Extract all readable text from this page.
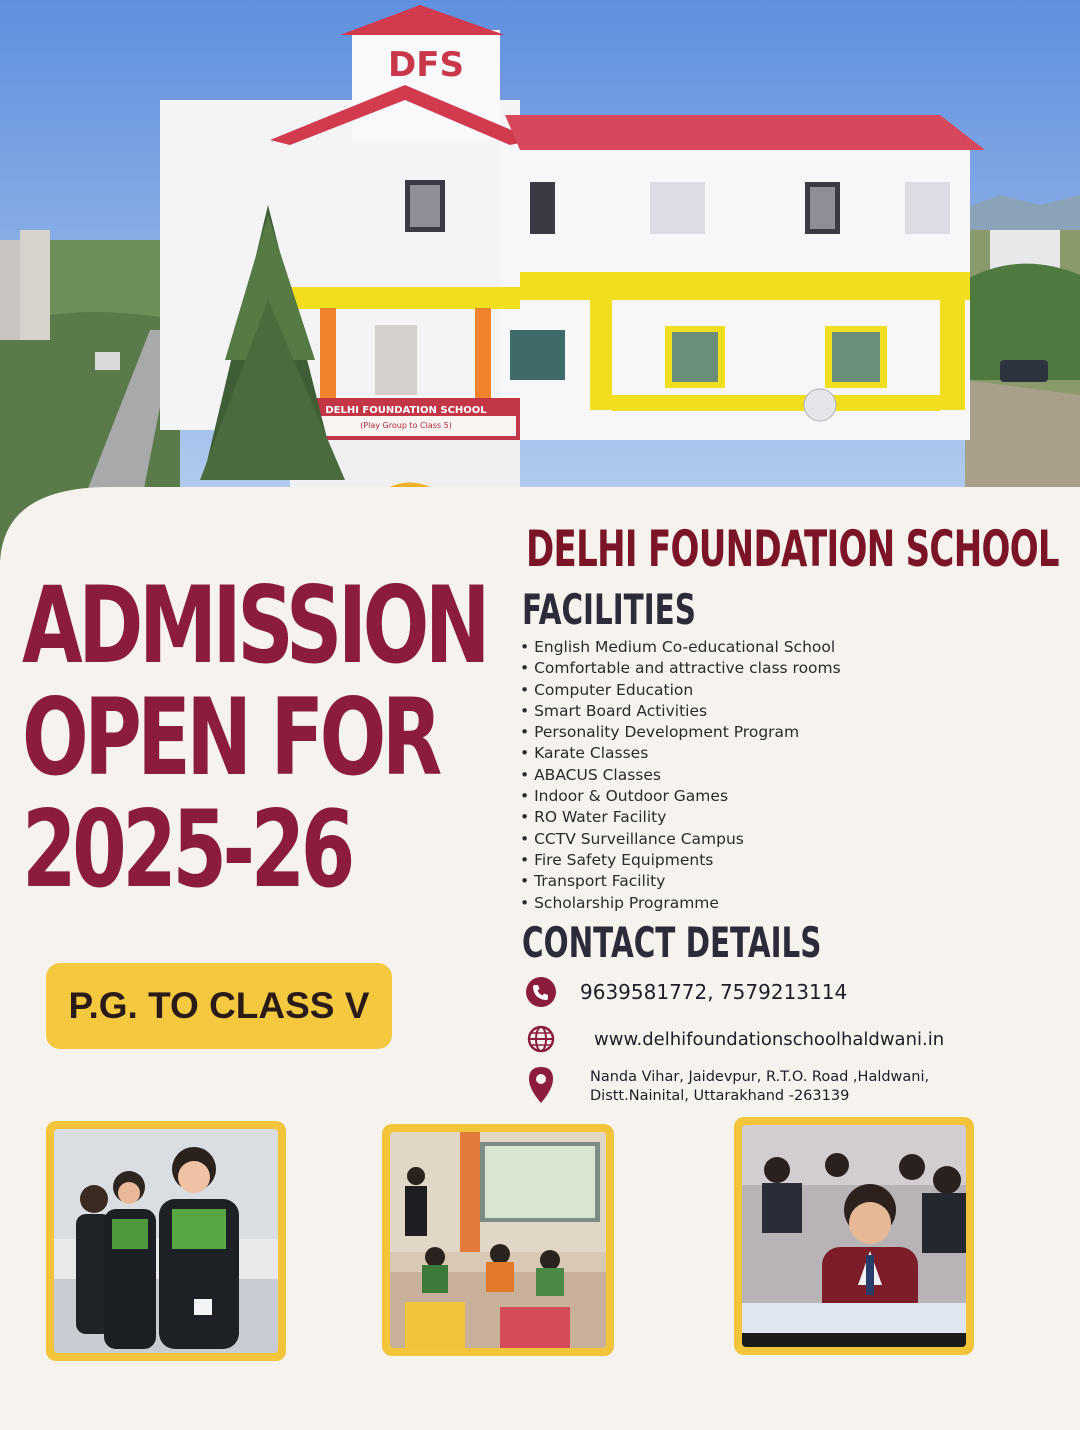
DFS
DELHI FOUNDATION SCHOOL
(Play Group to Class 5)
ADMISSION
OPEN FOR
2025-26
P.G. TO CLASS V
DELHI FOUNDATION SCHOOL
FACILITIES
• English Medium Co-educational School
• Comfortable and attractive class rooms
• Computer Education
• Smart Board Activities
• Personality Development Program
• Karate Classes
• ABACUS Classes
• Indoor & Outdoor Games
• RO Water Facility
• CCTV Surveillance Campus
• Fire Safety Equipments
• Transport Facility
• Scholarship Programme
CONTACT DETAILS
9639581772, 7579213114
www.delhifoundationschoolhaldwani.in
Nanda Vihar, Jaidevpur, R.T.O. Road ,Haldwani,
Distt.Nainital, Uttarakhand -263139
